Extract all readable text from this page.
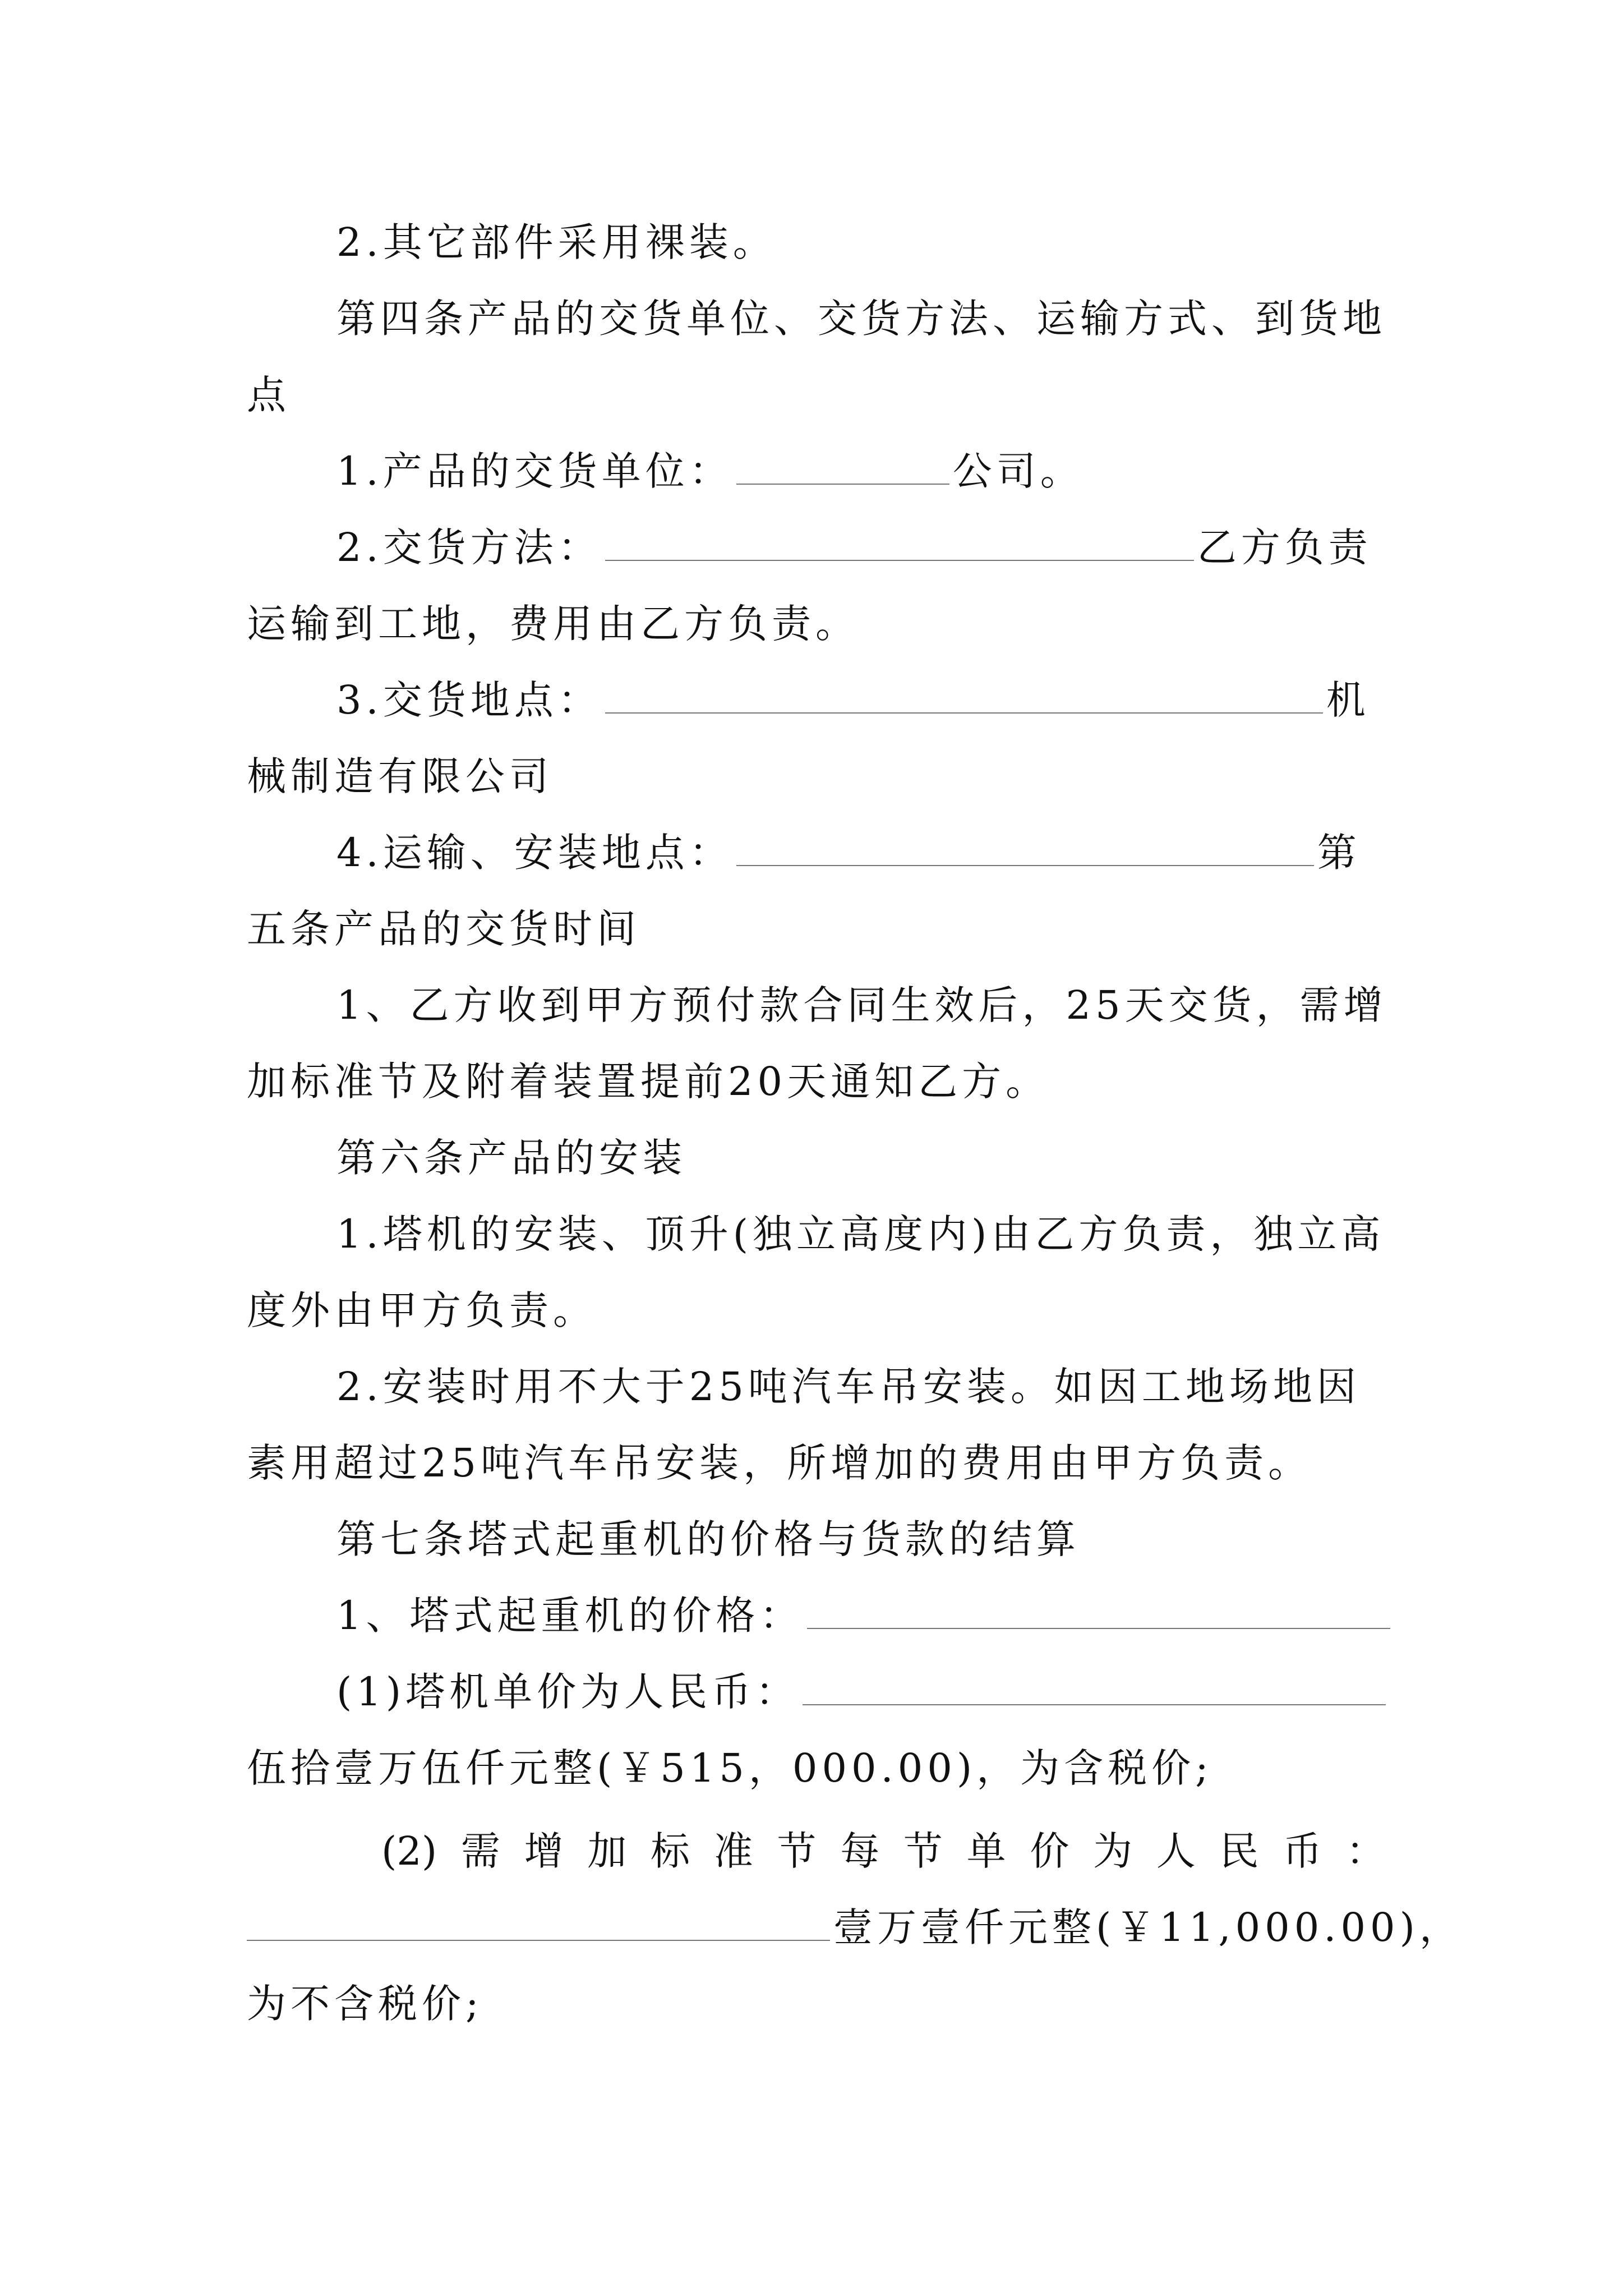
2.其它部件采用裸装。
第四条产品的交货单位、交货方法、运输方式、到货地
点
1.产品的交货单位：	公司。
2.交货方法：	乙方负责
运输到工地，费用由乙方负责。
3.交货地点：	机
械制造有限公司
4.运输、安装地点：	第
五条产品的交货时间
1、乙方收到甲方预付款合同生效后，25天交货，需增
加标准节及附着装置提前20天通知乙方。
第六条产品的安装
1.塔机的安装、顶升(独立高度内)由乙方负责，独立高
度外由甲方负责。
2.安装时用不大于25吨汽车吊安装。如因工地场地因
素用超过25吨汽车吊安装，所增加的费用由甲方负责。
第七条塔式起重机的价格与货款的结算
1、塔式起重机的价格：
(1)塔机单价为人民币：
伍拾壹万伍仟元整(￥515，000.00)，为含税价;
(2) 需 增 加 标 准 节 每 节 单 价 为 人 民 币 ：
壹万壹仟元整(￥11,000.00)，
为不含税价;
